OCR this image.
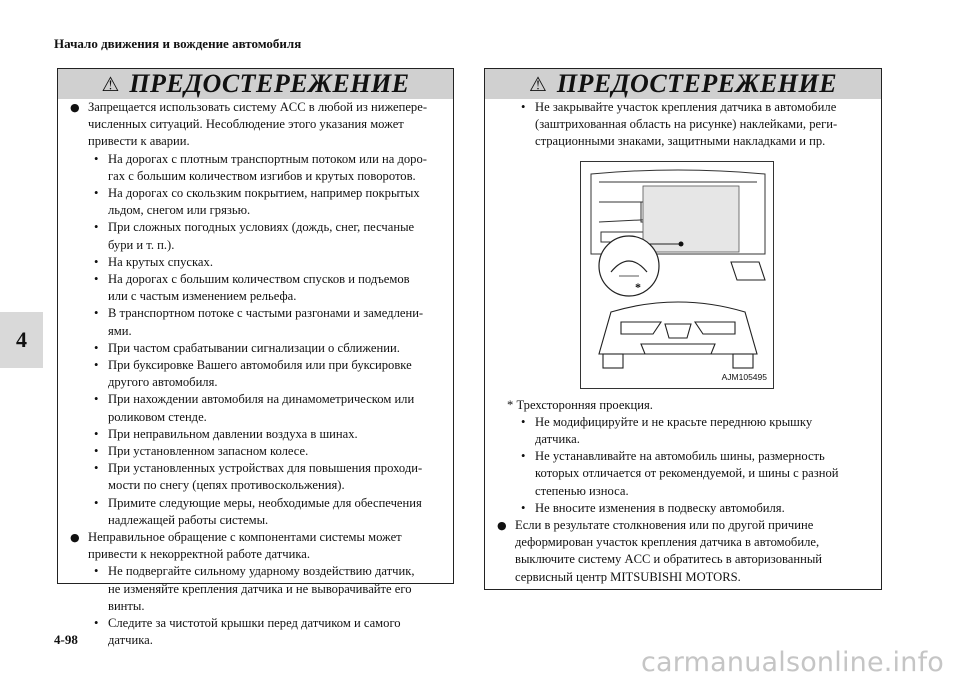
Начало движения и вождение автомобиля
4
⚠ ПРЕДОСТЕРЕЖЕНИЕ
● Запрещается использовать систему ACC в любой из нижепере-
численных ситуаций. Несоблюдение этого указания может
привести к аварии.
• На дорогах с плотным транспортным потоком или на доро-
гах с большим количеством изгибов и крутых поворотов.
• На дорогах со скользким покрытием, например покрытых
льдом, снегом или грязью.
• При сложных погодных условиях (дождь, снег, песчаные
бури и т. п.).
• На крутых спусках.
• На дорогах с большим количеством спусков и подъемов
или с частым изменением рельефа.
• В транспортном потоке с частыми разгонами и замедлени-
ями.
• При частом срабатывании сигнализации о сближении.
• При буксировке Вашего автомобиля или при буксировке
другого автомобиля.
• При нахождении автомобиля на динамометрическом или
роликовом стенде.
• При неправильном давлении воздуха в шинах.
• При установленном запасном колесе.
• При установленных устройствах для повышения проходи-
мости по снегу (цепях противоскольжения).
• Примите следующие меры, необходимые для обеспечения
надлежащей работы системы.
● Неправильное обращение с компонентами системы может
привести к некорректной работе датчика.
• Не подвергайте сильному ударному воздействию датчик,
не изменяйте крепления датчика и не выворачивайте его
винты.
• Следите за чистотой крышки перед датчиком и самого
датчика.
⚠ ПРЕДОСТЕРЕЖЕНИЕ
• Не закрывайте участок крепления датчика в автомобиле
(заштрихованная область на рисунке) наклейками, реги-
страционными знаками, защитными накладками и пр.
*
AJM105495
* Трехсторонняя проекция.
• Не модифицируйте и не красьте переднюю крышку
датчика.
• Не устанавливайте на автомобиль шины, размерность
которых отличается от рекомендуемой, и шины с разной
степенью износа.
• Не вносите изменения в подвеску автомобиля.
● Если в результате столкновения или по другой причине
деформирован участок крепления датчика в автомобиле,
выключите систему ACC и обратитесь в авторизованный
сервисный центр MITSUBISHI MOTORS.
4-98
carmanualsonline.info
